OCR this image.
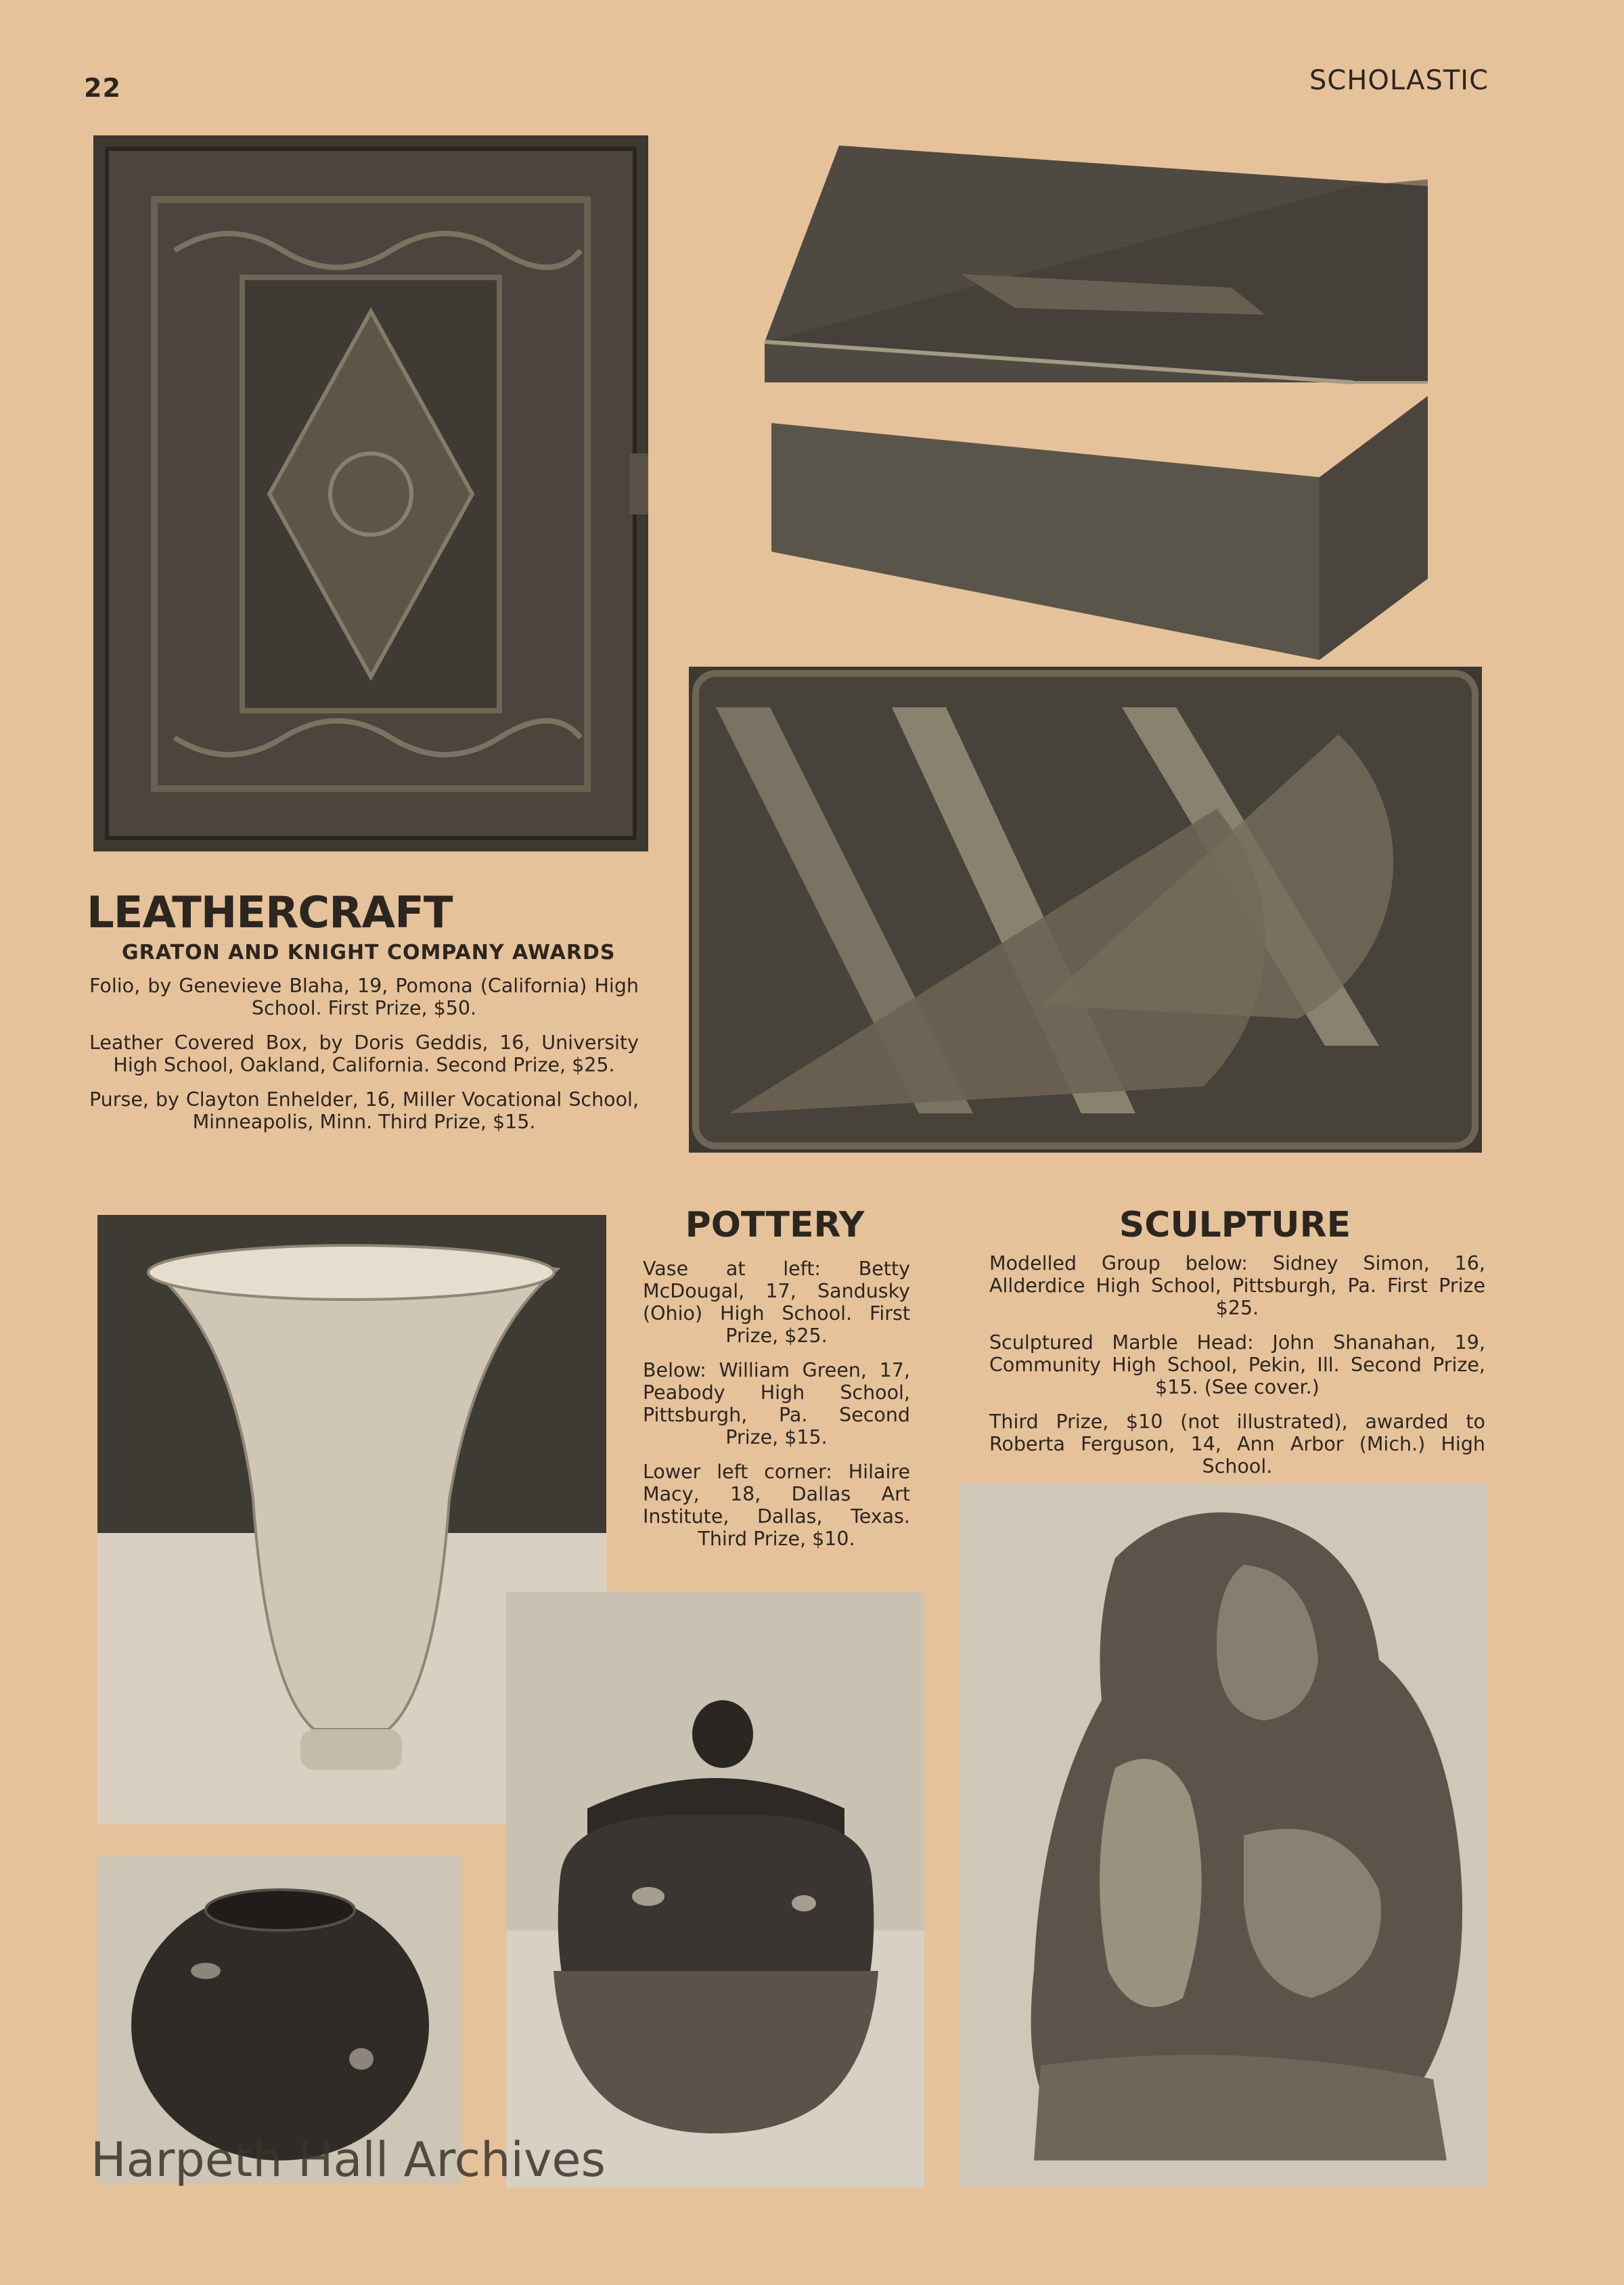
22	SCHOLASTIC
LEATHERCRAFT
GRATON AND KNIGHT COMPANY AWARDS

Folio, by Genevieve Blaha, 19, Pomona (California) High School. First Prize, $50.

Leather Covered Box, by Doris Geddis, 16, University High School, Oakland, California. Second Prize, $25.

Purse, by Clayton Enhelder, 16, Miller Vocational School, Minneapolis, Minn. Third Prize, $15.

POTTERY

Vase at left: Betty McDougal, 17, Sandusky (Ohio) High School. First Prize, $25.

Below: William Green, 17, Peabody High School, Pittsburgh, Pa. Second Prize, $15.

Lower left corner: Hilaire Macy, 18, Dallas Art Institute, Dallas, Texas. Third Prize, $10.

SCULPTURE

Modelled Group below: Sidney Simon, 16, Allderdice High School, Pittsburgh, Pa. First Prize $25.

Sculptured Marble Head: John Shanahan, 19, Community High School, Pekin, Ill. Second Prize, $15. (See cover.)

Third Prize, $10 (not illustrated), awarded to Roberta Ferguson, 14, Ann Arbor (Mich.) High School.

Harpeth Hall Archives
